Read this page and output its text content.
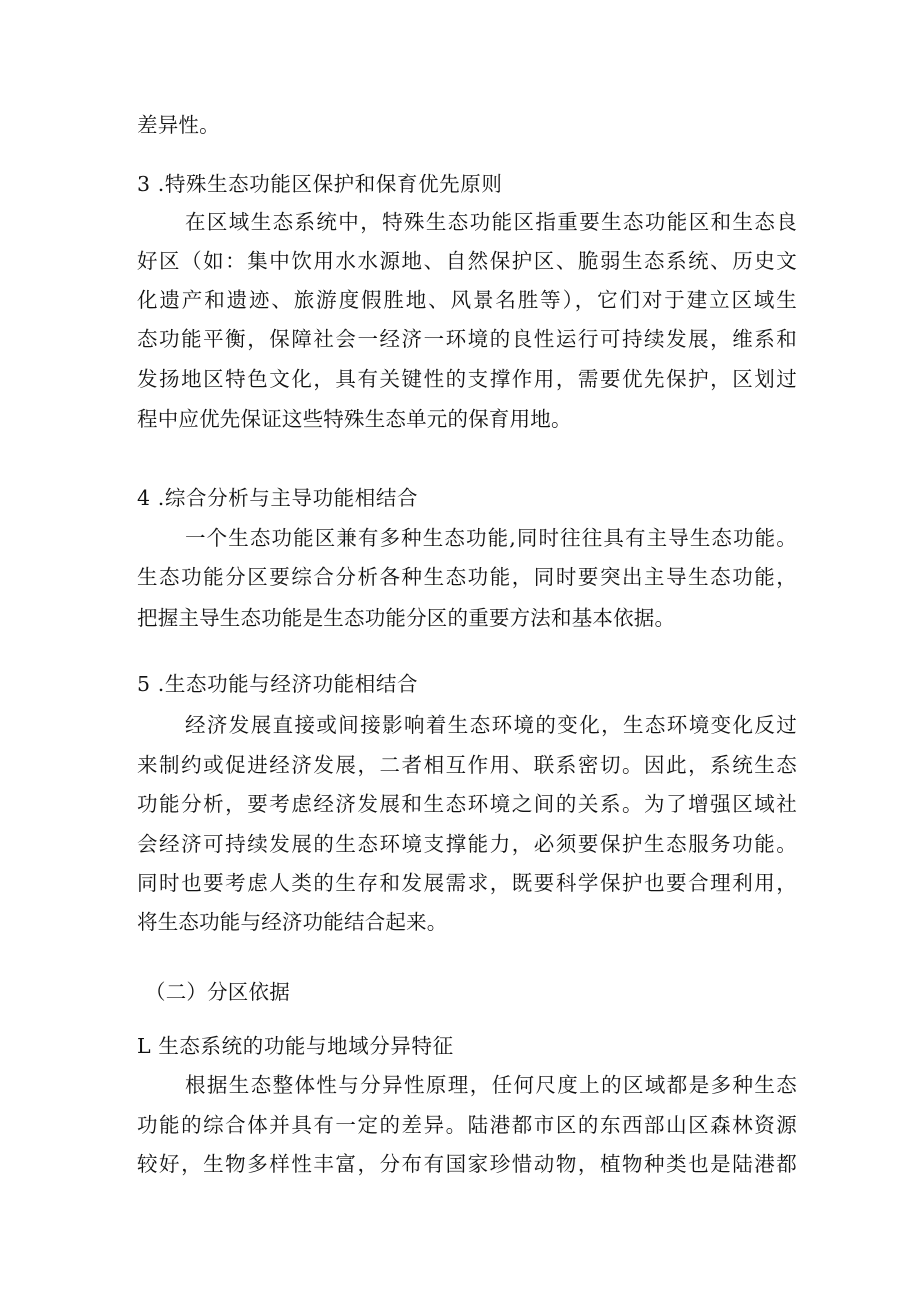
差异性。
3 .特殊生态功能区保护和保育优先原则
在区域生态系统中，特殊生态功能区指重要生态功能区和生态良
好区（如：集中饮用水水源地、自然保护区、脆弱生态系统、历史文
化遗产和遗迹、旅游度假胜地、风景名胜等），它们对于建立区域生
态功能平衡，保障社会一经济一环境的良性运行可持续发展，维系和
发扬地区特色文化，具有关键性的支撑作用，需要优先保护，区划过
程中应优先保证这些特殊生态单元的保育用地。
4 .综合分析与主导功能相结合
一个生态功能区兼有多种生态功能,同时往往具有主导生态功能。
生态功能分区要综合分析各种生态功能，同时要突出主导生态功能，
把握主导生态功能是生态功能分区的重要方法和基本依据。
5 .生态功能与经济功能相结合
经济发展直接或间接影响着生态环境的变化，生态环境变化反过
来制约或促进经济发展，二者相互作用、联系密切。因此，系统生态
功能分析，要考虑经济发展和生态环境之间的关系。为了增强区域社
会经济可持续发展的生态环境支撑能力，必须要保护生态服务功能。
同时也要考虑人类的生存和发展需求，既要科学保护也要合理利用，
将生态功能与经济功能结合起来。
（二）分区依据
L 生态系统的功能与地域分异特征
根据生态整体性与分异性原理，任何尺度上的区域都是多种生态
功能的综合体并具有一定的差异。陆港都市区的东西部山区森林资源
较好，生物多样性丰富，分布有国家珍惜动物，植物种类也是陆港都
